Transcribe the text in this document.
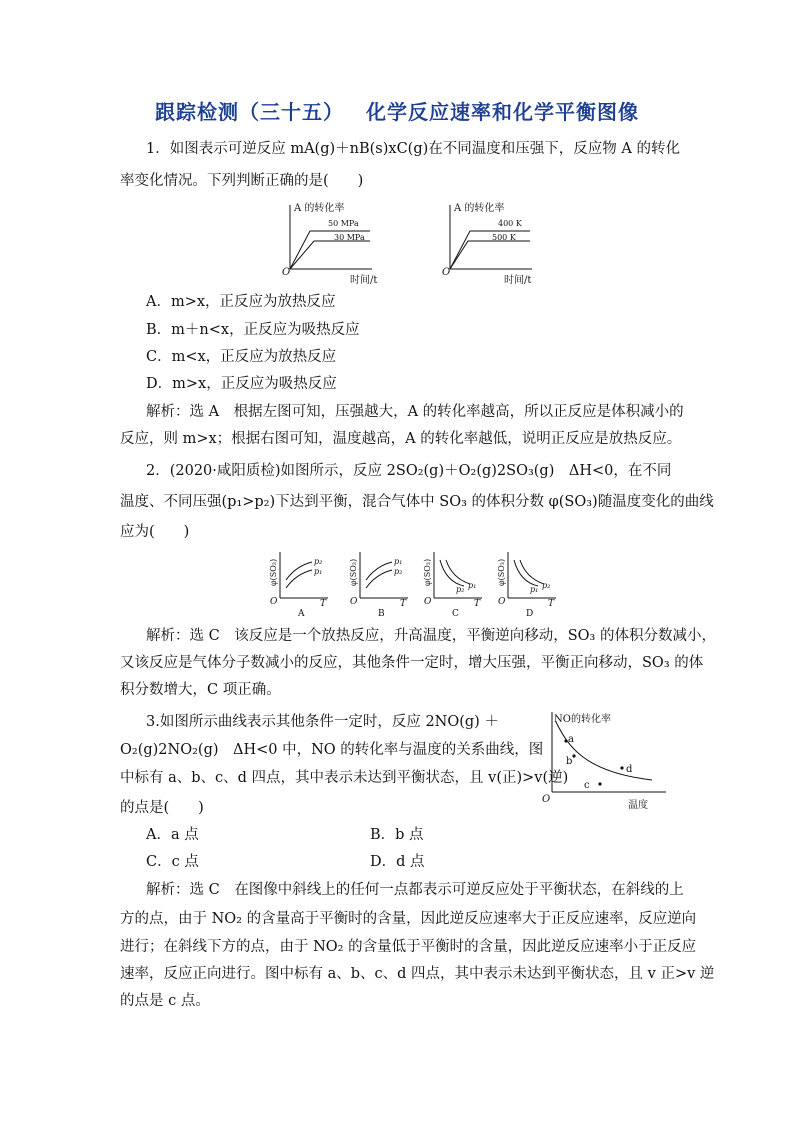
跟踪检测（三十五） 化学反应速率和化学平衡图像
1．如图表示可逆反应 mA(g)＋nB(s)xC(g)在不同温度和压强下，反应物 A 的转化
率变化情况。下列判断正确的是(　　)
A 的转化率
50 MPa
30 MPa
O
时间/t
A 的转化率
400 K
500 K
O
时间/t
A．m>x，正反应为放热反应
B．m＋n<x，正反应为吸热反应
C．m<x，正反应为放热反应
D．m>x，正反应为吸热反应
解析：选 A　根据左图可知，压强越大，A 的转化率越高，所以正反应是体积减小的
反应，则 m>x；根据右图可知，温度越高，A 的转化率越低，说明正反应是放热反应。
2．(2020·咸阳质检)如图所示，反应 2SO₂(g)＋O₂(g)2SO₃(g)　ΔH<0，在不同
温度、不同压强(p₁>p₂)下达到平衡，混合气体中 SO₃ 的体积分数 φ(SO₃)随温度变化的曲线
应为(　　)
φ(SO₃)	p₂
p₁
O	T
A
φ(SO₃)	p₁
p₂
O	T
B
φ(SO₃)
p₂ p₁
O	T
C
φ(SO₃)
p₁ p₂
O	T
D
解析：选 C　该反应是一个放热反应，升高温度，平衡逆向移动，SO₃ 的体积分数减小，
又该反应是气体分子数减小的反应，其他条件一定时，增大压强，平衡正向移动，SO₃ 的体
积分数增大，C 项正确。
3.如图所示曲线表示其他条件一定时，反应 2NO(g) ＋
O₂(g)2NO₂(g)　ΔH<0 中，NO 的转化率与温度的关系曲线，图
中标有 a、b、c、d 四点，其中表示未达到平衡状态，且 v(正)>v(逆)
的点是(　　)
NO的转化率
a
b
c
d
O
温度
A．a 点	B．b 点
C．c 点	D．d 点
解析：选 C　在图像中斜线上的任何一点都表示可逆反应处于平衡状态，在斜线的上
方的点，由于 NO₂ 的含量高于平衡时的含量，因此逆反应速率大于正反应速率，反应逆向
进行；在斜线下方的点，由于 NO₂ 的含量低于平衡时的含量，因此逆反应速率小于正反应
速率，反应正向进行。图中标有 a、b、c、d 四点，其中表示未达到平衡状态，且 v 正>v 逆
的点是 c 点。
